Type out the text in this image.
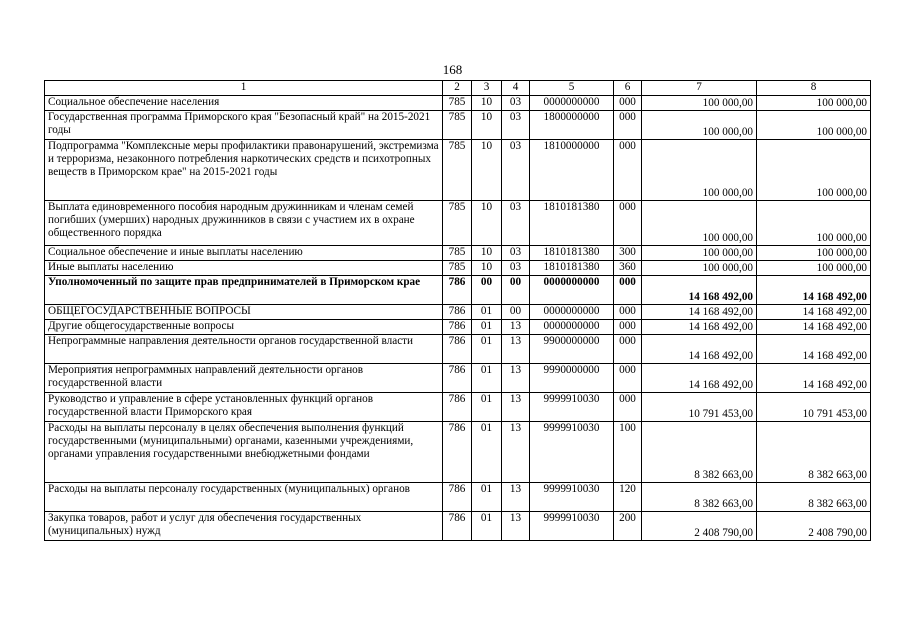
168
1	2	3	4	5	6	7	8
Социальное обеспечение населения	785	10	03	0000000000	000	100 000,00	100 000,00
Государственная программа Приморского края "Безопасный край" на 2015-2021 годы	785	10	03	1800000000	000	100 000,00	100 000,00
Подпрограмма "Комплексные меры профилактики правонарушений, экстремизма и терроризма, незаконного потребления наркотических средств и психотропных веществ в Приморском крае" на 2015-2021 годы	785	10	03	1810000000	000	100 000,00	100 000,00
Выплата единовременного пособия народным дружинникам и членам семей погибших (умерших) народных дружинников в связи с участием их в охране общественного порядка	785	10	03	1810181380	000	100 000,00	100 000,00
Социальное обеспечение и иные выплаты населению	785	10	03	1810181380	300	100 000,00	100 000,00
Иные выплаты населению	785	10	03	1810181380	360	100 000,00	100 000,00
Уполномоченный по защите прав предпринимателей в Приморском крае	786	00	00	0000000000	000	14 168 492,00	14 168 492,00
ОБЩЕГОСУДАРСТВЕННЫЕ ВОПРОСЫ	786	01	00	0000000000	000	14 168 492,00	14 168 492,00
Другие общегосударственные вопросы	786	01	13	0000000000	000	14 168 492,00	14 168 492,00
Непрограммные направления деятельности органов государственной власти	786	01	13	9900000000	000	14 168 492,00	14 168 492,00
Мероприятия непрограммных направлений деятельности органов государственной власти	786	01	13	9990000000	000	14 168 492,00	14 168 492,00
Руководство и управление в сфере установленных функций органов государственной власти Приморского края	786	01	13	9999910030	000	10 791 453,00	10 791 453,00
Расходы на выплаты персоналу в целях обеспечения выполнения функций государственными (муниципальными) органами, казенными учреждениями, органами управления государственными внебюджетными фондами	786	01	13	9999910030	100	8 382 663,00	8 382 663,00
Расходы на выплаты персоналу государственных (муниципальных) органов	786	01	13	9999910030	120	8 382 663,00	8 382 663,00
Закупка товаров, работ и услуг для обеспечения государственных (муниципальных) нужд	786	01	13	9999910030	200	2 408 790,00	2 408 790,00
